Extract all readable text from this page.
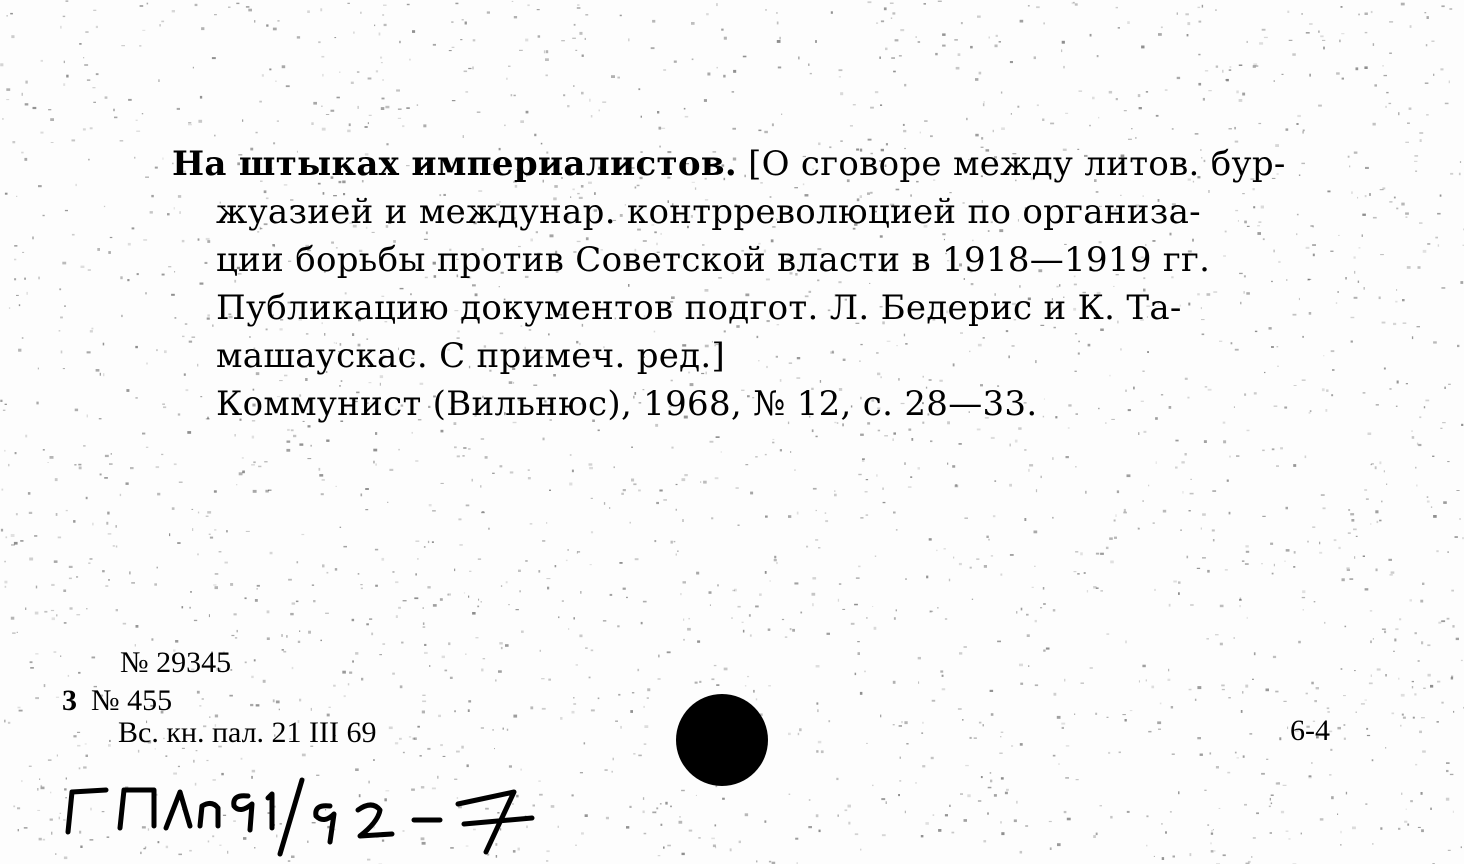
На штыках империалистов. [О сговоре между литов. бур-
жуазией и междунар. контрреволюцией по организа-
ции борьбы против Советской власти в 1918—1919 гг.
Публикацию документов подгот. Л. Бедерис и К. Та-
машаускас. С примеч. ред.]
Коммунист (Вильнюс), 1968, № 12, с. 28—33.
№ 29345
3 № 455
Вс. кн. пал. 21 III 69	6-4
